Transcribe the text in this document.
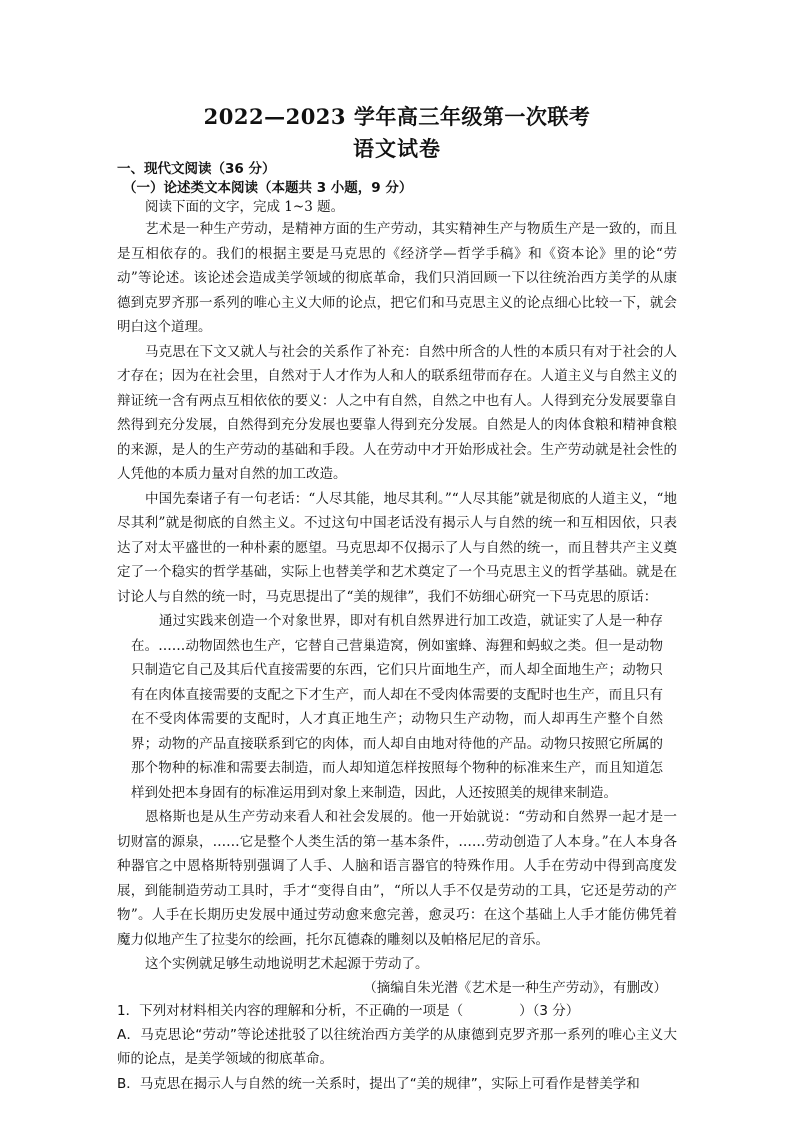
2022—2023 学年高三年级第一次联考
语文试卷
一、现代文阅读（36 分）
（一）论述类文本阅读（本题共 3 小题，9 分）
阅读下面的文字，完成 1~3 题。

艺术是一种生产劳动，是精神方面的生产劳动，其实精神生产与物质生产是一致的，而且是互相依存的。我们的根据主要是马克思的《经济学—哲学手稿》和《资本论》里的论“劳动”等论述。该论述会造成美学领域的彻底革命，我们只消回顾一下以往统治西方美学的从康德到克罗齐那一系列的唯心主义大师的论点，把它们和马克思主义的论点细心比较一下，就会明白这个道理。

马克思在下文又就人与社会的关系作了补充：自然中所含的人性的本质只有对于社会的人才存在；因为在社会里，自然对于人才作为人和人的联系纽带而存在。人道主义与自然主义的辩证统一含有两点互相依依的要义：人之中有自然，自然之中也有人。人得到充分发展要靠自然得到充分发展，自然得到充分发展也要靠人得到充分发展。自然是人的肉体食粮和精神食粮的来源，是人的生产劳动的基础和手段。人在劳动中才开始形成社会。生产劳动就是社会性的人凭他的本质力量对自然的加工改造。

中国先秦诸子有一句老话：“人尽其能，地尽其利。”“人尽其能”就是彻底的人道主义，“地尽其利”就是彻底的自然主义。不过这句中国老话没有揭示人与自然的统一和互相因依，只表达了对太平盛世的一种朴素的愿望。马克思却不仅揭示了人与自然的统一，而且替共产主义奠定了一个稳实的哲学基础，实际上也替美学和艺术奠定了一个马克思主义的哲学基础。就是在讨论人与自然的统一时，马克思提出了“美的规律”，我们不妨细心研究一下马克思的原话：

通过实践来创造一个对象世界，即对有机自然界进行加工改造，就证实了人是一种存在。……动物固然也生产，它替自己营巢造窝，例如蜜蜂、海狸和蚂蚁之类。但一是动物只制造它自己及其后代直接需要的东西，它们只片面地生产，而人却全面地生产；动物只有在肉体直接需要的支配之下才生产，而人却在不受肉体需要的支配时也生产，而且只有在不受肉体需要的支配时，人才真正地生产；动物只生产动物，而人却再生产整个自然界；动物的产品直接联系到它的肉体，而人却自由地对待他的产品。动物只按照它所属的那个物种的标准和需要去制造，而人却知道怎样按照每个物种的标准来生产，而且知道怎样到处把本身固有的标准运用到对象上来制造，因此，人还按照美的规律来制造。

恩格斯也是从生产劳动来看人和社会发展的。他一开始就说：“劳动和自然界一起才是一切财富的源泉，……它是整个人类生活的第一基本条件，……劳动创造了人本身。”在人本身各种器官之中恩格斯特别强调了人手、人脑和语言器官的特殊作用。人手在劳动中得到高度发展，到能制造劳动工具时，手才“变得自由”，“所以人手不仅是劳动的工具，它还是劳动的产物”。人手在长期历史发展中通过劳动愈来愈完善，愈灵巧：在这个基础上人手才能仿佛凭着魔力似地产生了拉斐尔的绘画，托尔瓦德森的雕刻以及帕格尼尼的音乐。

这个实例就足够生动地说明艺术起源于劳动了。

（摘编自朱光潜《艺术是一种生产劳动》，有删改）
1．下列对材料相关内容的理解和分析，不正确的一项是（	）（3 分）
A．马克思论“劳动”等论述批驳了以往统治西方美学的从康德到克罗齐那一系列的唯心主义大师的论点，是美学领域的彻底革命。
B．马克思在揭示人与自然的统一关系时，提出了“美的规律”，实际上可看作是替美学和
